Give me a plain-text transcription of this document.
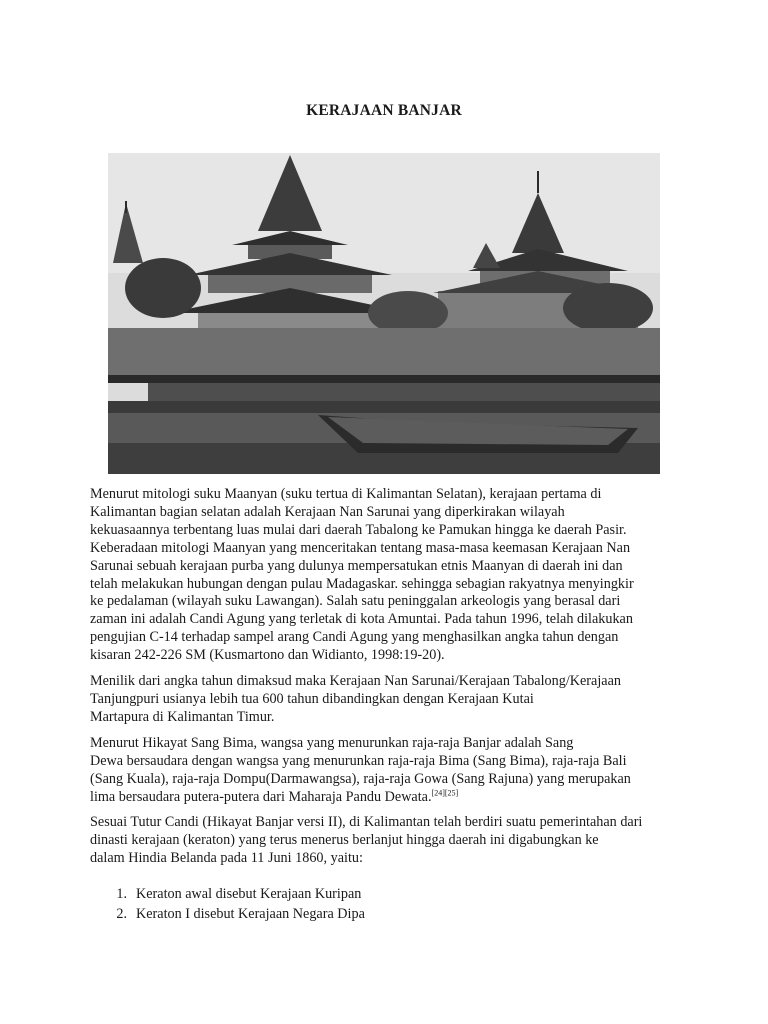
KERAJAAN BANJAR

Menurut mitologi suku Maanyan (suku tertua di Kalimantan Selatan), kerajaan pertama di
Kalimantan bagian selatan adalah Kerajaan Nan Sarunai yang diperkirakan wilayah
kekuasaannya terbentang luas mulai dari daerah Tabalong ke Pamukan hingga ke daerah Pasir.
Keberadaan mitologi Maanyan yang menceritakan tentang masa-masa keemasan Kerajaan Nan
Sarunai sebuah kerajaan purba yang dulunya mempersatukan etnis Maanyan di daerah ini dan
telah melakukan hubungan dengan pulau Madagaskar. sehingga sebagian rakyatnya menyingkir
ke pedalaman (wilayah suku Lawangan). Salah satu peninggalan arkeologis yang berasal dari
zaman ini adalah Candi Agung yang terletak di kota Amuntai. Pada tahun 1996, telah dilakukan
pengujian C-14 terhadap sampel arang Candi Agung yang menghasilkan angka tahun dengan
kisaran 242-226 SM (Kusmartono dan Widianto, 1998:19-20).

Menilik dari angka tahun dimaksud maka Kerajaan Nan Sarunai/Kerajaan Tabalong/Kerajaan
Tanjungpuri usianya lebih tua 600 tahun dibandingkan dengan Kerajaan Kutai
Martapura di Kalimantan Timur.

Menurut Hikayat Sang Bima, wangsa yang menurunkan raja-raja Banjar adalah Sang
Dewa bersaudara dengan wangsa yang menurunkan raja-raja Bima (Sang Bima), raja-raja Bali
(Sang Kuala), raja-raja Dompu(Darmawangsa), raja-raja Gowa (Sang Rajuna) yang merupakan
lima bersaudara putera-putera dari Maharaja Pandu Dewata.[24][25]

Sesuai Tutur Candi (Hikayat Banjar versi II), di Kalimantan telah berdiri suatu pemerintahan dari
dinasti kerajaan (keraton) yang terus menerus berlanjut hingga daerah ini digabungkan ke
dalam Hindia Belanda pada 11 Juni 1860, yaitu:

1. Keraton awal disebut Kerajaan Kuripan
2. Keraton I disebut Kerajaan Negara Dipa
